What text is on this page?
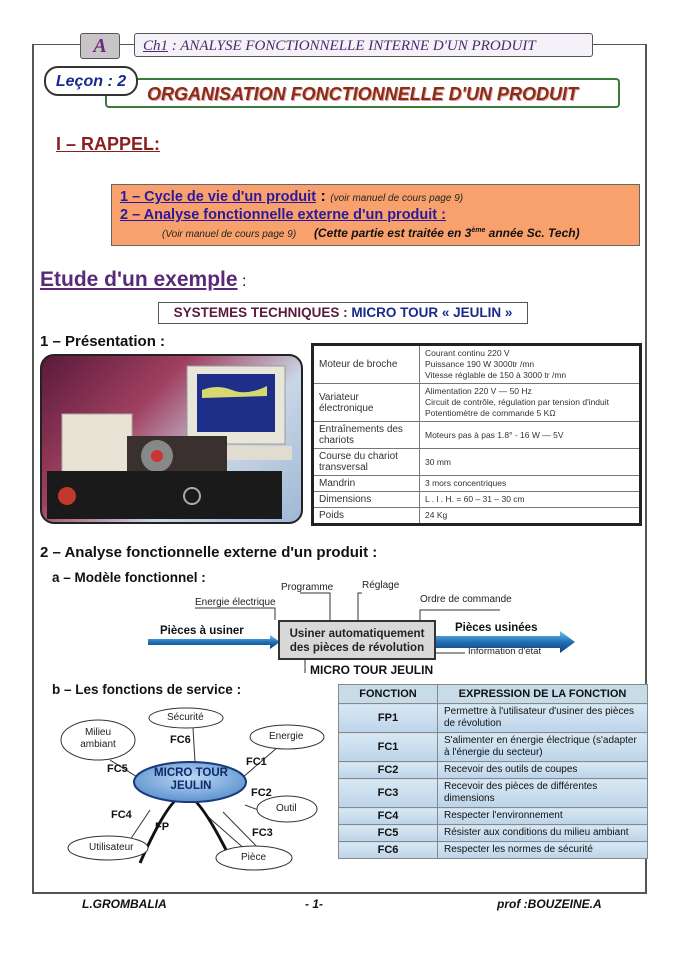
A	Ch1 : ANALYSE FONCTIONNELLE INTERNE D'UN PRODUIT
Leçon : 2
ORGANISATION FONCTIONNELLE D'UN PRODUIT
I – RAPPEL:
1 – Cycle de vie d'un produit : (voir manuel de cours page 9)
2 – Analyse fonctionnelle externe d'un produit :
(Voir manuel de cours page 9) (Cette partie est traitée en 3ème année Sc. Tech)
Etude d'un exemple :
SYSTEMES TECHNIQUES : MICRO TOUR « JEULIN »
1 – Présentation :
Moteur de broche	Courant continu 220 V
Puissance 190 W 3000tr /mn
Vitesse réglable de 150 à 3000 tr /mn

Variateur électronique	Alimentation 220 V — 50 Hz
Circuit de contrôle, régulation par tension d'induit
Potentiomètre de commande 5 KΩ

Entraînements des chariots	Moteurs pas à pas 1.8° - 16 W — 5V
Course du chariot transversal	30 mm
Mandrin	3 mors concentriques
Dimensions	L . l . H. = 60 – 31 – 30 cm
Poids	24 Kg
2 – Analyse fonctionnelle externe d'un produit :
a – Modèle fonctionnel :
Energie électrique
Programme	Réglage
Ordre de commande
Pièces à usiner	Pièces usinées
Information d'état
Usiner automatiquement
des pièces de révolution
MICRO TOUR JEULIN
b – Les fonctions de service :
MICRO TOUR
JEULIN
Sécurité
Milieu ambiant
Energie
Outil
Pièce
Utilisateur
FC6
FC5
FC1
FC2
FC3
FC4
FP
FONCTION	EXPRESSION DE LA FONCTION
FP1	Permettre à l'utilisateur d'usiner des pièces de révolution
FC1	S'alimenter en énergie électrique (s'adapter à l'énergie du secteur)
FC2	Recevoir des outils de coupes
FC3	Recevoir des pièces de différentes dimensions
FC4	Respecter l'environnement
FC5	Résister aux conditions du milieu ambiant
FC6	Respecter les normes de sécurité
L.GROMBALIA	- 1-	prof :BOUZEINE.A
